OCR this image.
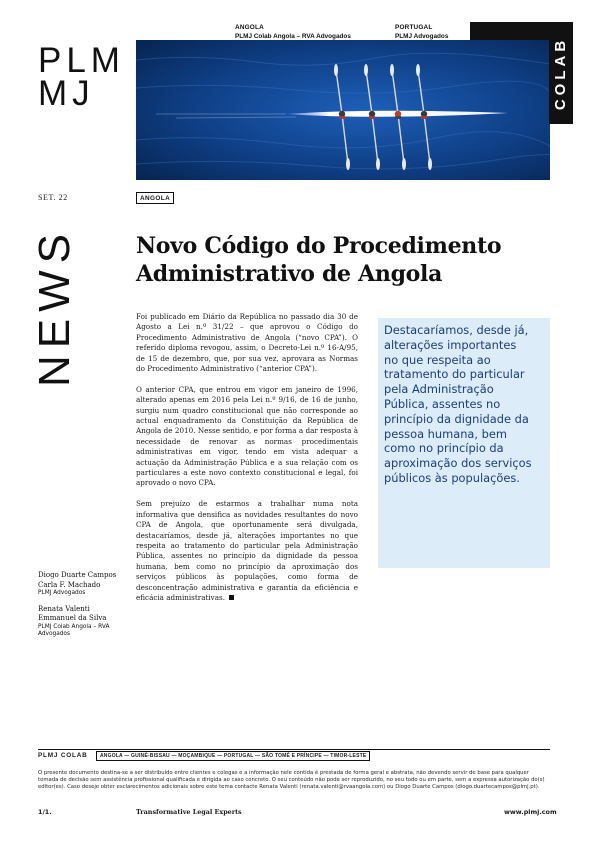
PLM
MJ
ANGOLA
PLMJ Colab Angola – RVA Advogados
PORTUGAL
PLMJ Advogados
COLAB
SET. 22	ANGOLA
NEWS	Novo Código do Procedimento Administrativo de Angola

Foi publicado em Diário da República no passado dia 30 de Agosto a Lei n.º 31/22 – que aprovou o Código do Procedimento Administrativo de Angola (“novo CPA”). O referido diploma revogou, assim, o Decreto-Lei n.º 16-A/95, de 15 de dezembro, que, por sua vez, aprovara as Normas do Procedimento Administrativo (“anterior CPA”).

O anterior CPA, que entrou em vigor em janeiro de 1996, alterado apenas em 2016 pela Lei n.º 9/16, de 16 de junho, surgiu num quadro constitucional que não corresponde ao actual enquadramento da Constituição da República de Angola de 2010. Nesse sentido, e por forma a dar resposta à necessidade de renovar as normas procedimentais administrativas em vigor, tendo em vista adequar a actuação da Administração Pública e a sua relação com os particulares a este novo contexto constitucional e legal, foi aprovado o novo CPA.

Sem prejuízo de estarmos a trabalhar numa nota informativa que densifica as novidades resultantes do novo CPA de Angola, que oportunamente será divulgada, destacaríamos, desde já, alterações importantes no que respeita ao tratamento do particular pela Administração Pública, assentes no princípio da dignidade da pessoa humana, bem como no princípio da aproximação dos serviços públicos às populações, como forma de desconcentração administrativa e garantia da eficiência e eficácia administrativas.

Destacaríamos, desde já, alterações importantes no que respeita ao tratamento do particular pela Administração Pública, assentes no princípio da dignidade da pessoa humana, bem como no princípio da aproximação dos serviços públicos às populações.

Diogo Duarte Campos
Carla F. Machado
PLMJ Advogados
Renata Valenti
Emmanuel da Silva
PLMJ Colab Angola – RVA Advogados
PLMJ COLAB	ANGOLA — GUINÉ-BISSAU — MOÇAMBIQUE — PORTUGAL — SÃO TOMÉ E PRÍNCIPE — TIMOR-LESTE

O presente documento destina-se a ser distribuído entre clientes e colegas e a informação nele contida é prestada de forma geral e abstrata, não devendo servir de base para qualquer tomada de decisão sem assistência profissional qualificada e dirigida ao caso concreto. O seu conteúdo não pode ser reproduzido, no seu todo ou em parte, sem a expressa autorização do(s) editor(es). Caso deseje obter esclarecimentos adicionais sobre este tema contacte Renata Valenti (renata.valenti@rvaangola.com) ou Diogo Duarte Campos (diogo.duartecampos@plmj.pt).

1/1.	Transformative Legal Experts	www.plmj.com
